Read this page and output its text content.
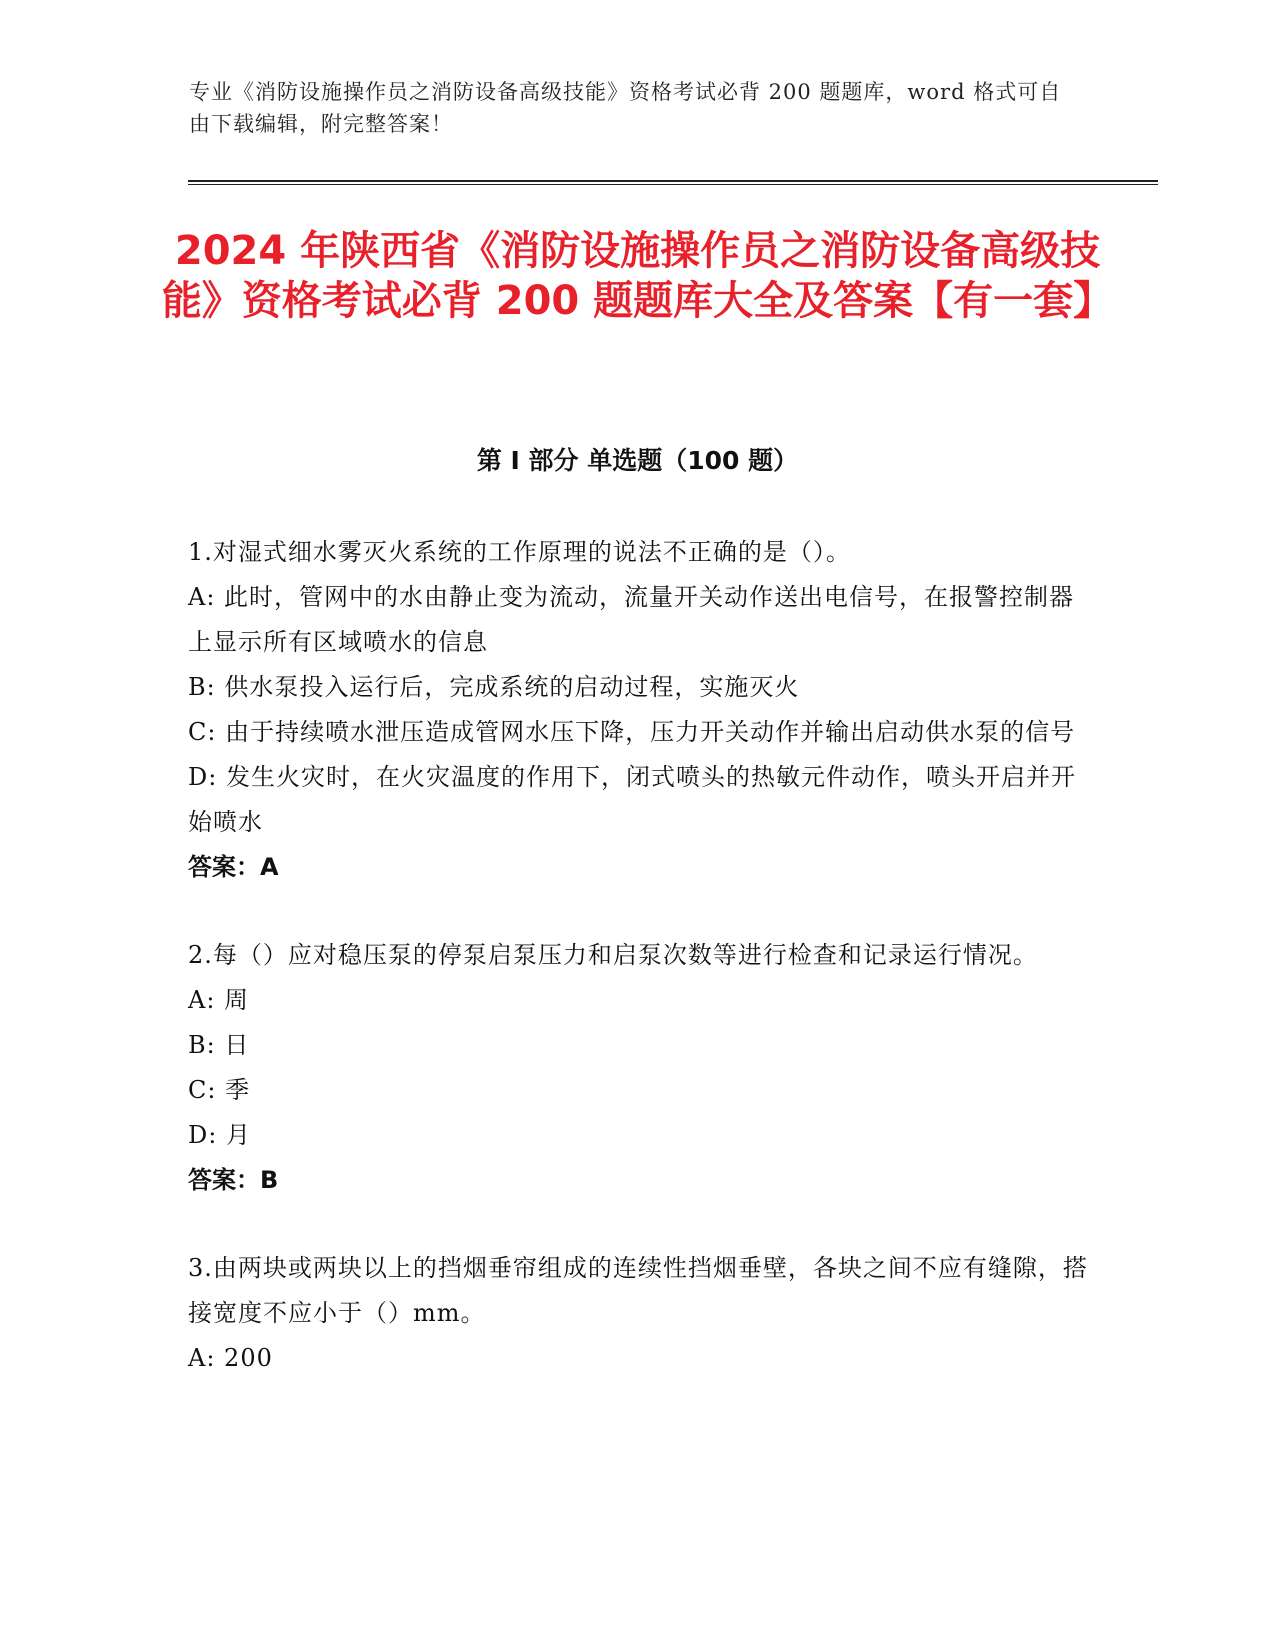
专业《消防设施操作员之消防设备高级技能》资格考试必背 200 题题库，word 格式可自由下载编辑，附完整答案！
2024 年陕西省《消防设施操作员之消防设备高级技能》资格考试必背 200 题题库大全及答案【有一套】
第 I 部分 单选题（100 题）
1.对湿式细水雾灭火系统的工作原理的说法不正确的是（）。
A: 此时，管网中的水由静止变为流动，流量开关动作送出电信号，在报警控制器上显示所有区域喷水的信息
B: 供水泵投入运行后，完成系统的启动过程，实施灭火
C: 由于持续喷水泄压造成管网水压下降，压力开关动作并输出启动供水泵的信号
D: 发生火灾时，在火灾温度的作用下，闭式喷头的热敏元件动作，喷头开启并开始喷水
答案：A
2.每（）应对稳压泵的停泵启泵压力和启泵次数等进行检查和记录运行情况。
A: 周
B: 日
C: 季
D: 月
答案：B
3.由两块或两块以上的挡烟垂帘组成的连续性挡烟垂壁，各块之间不应有缝隙，搭接宽度不应小于（）mm。
A: 200
